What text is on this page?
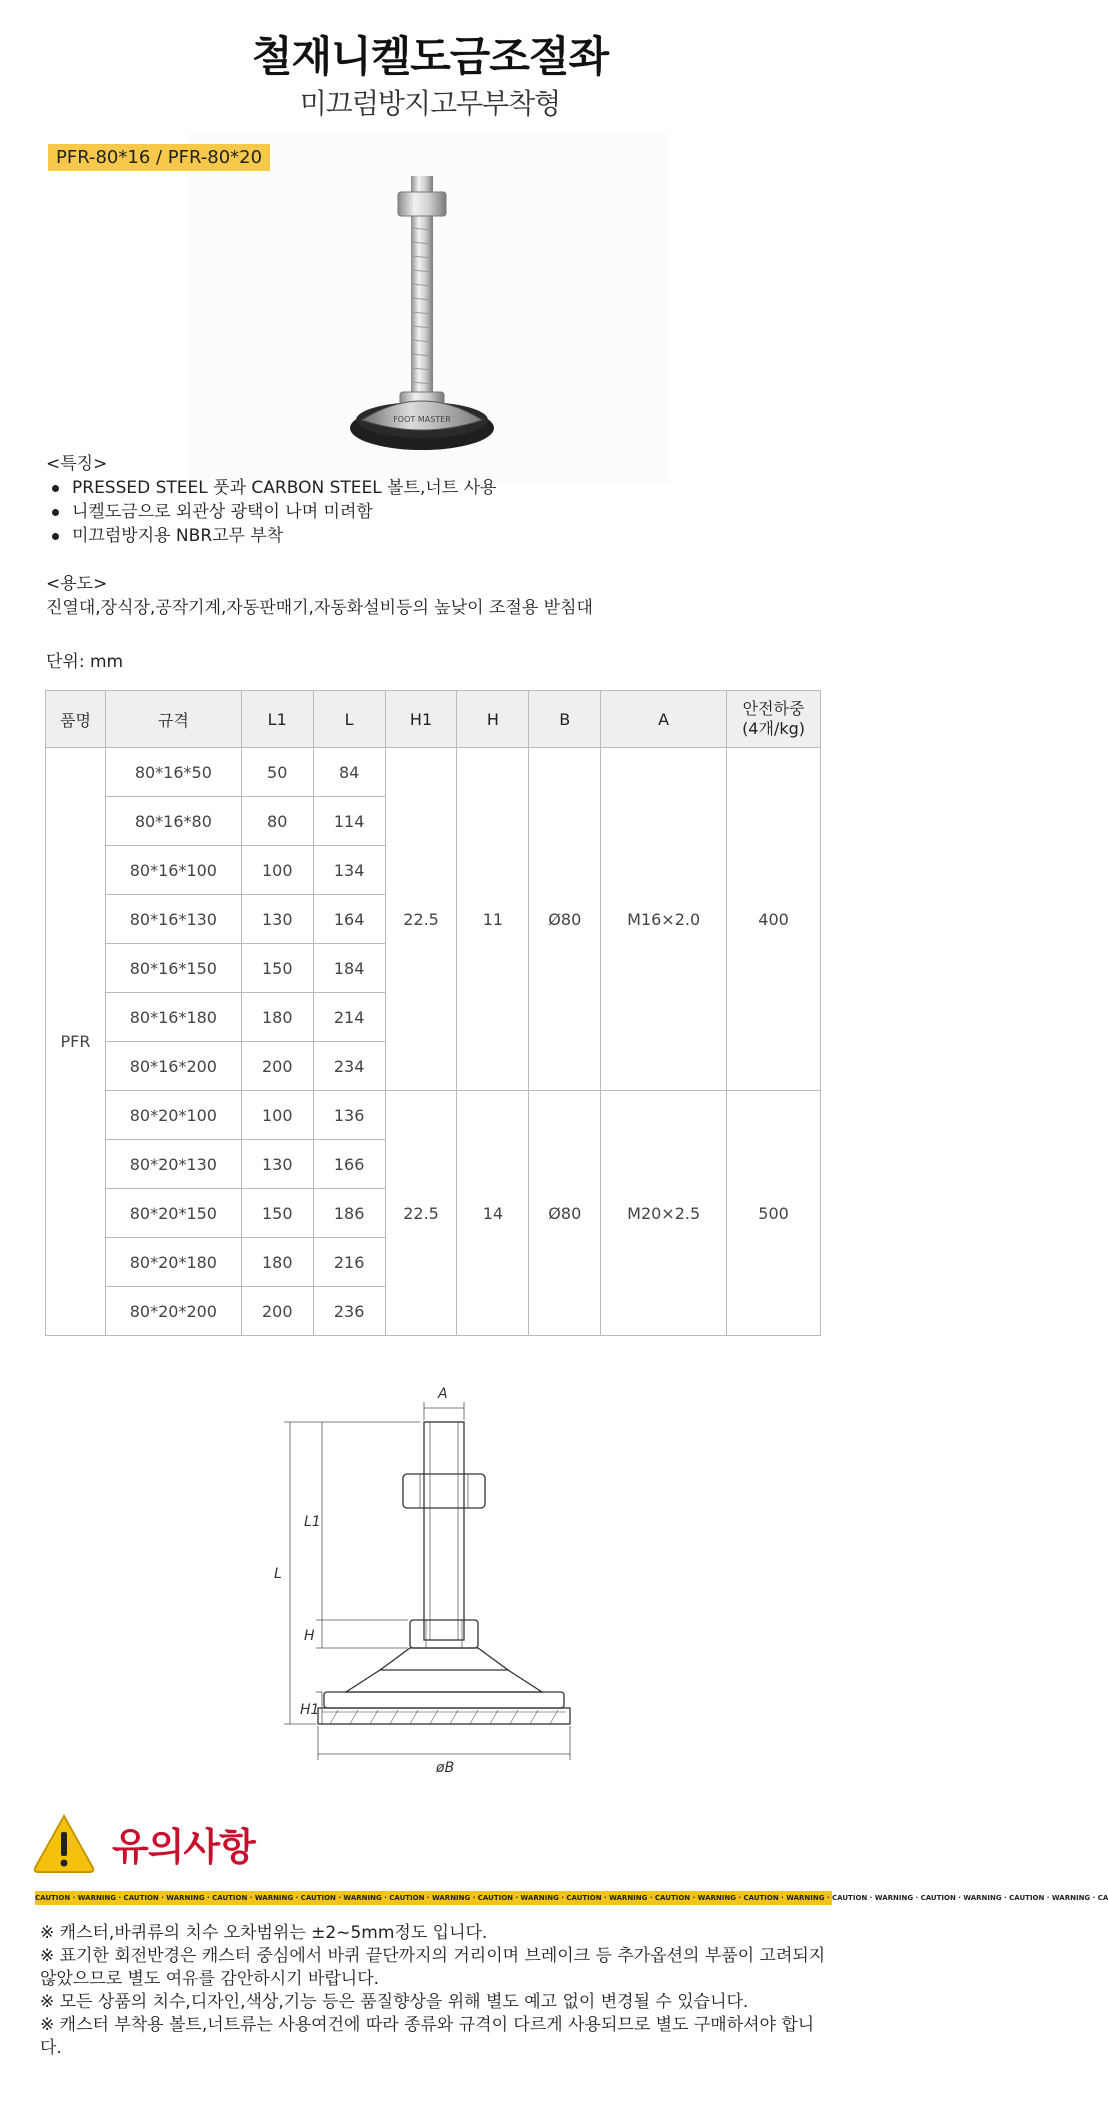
철재니켈도금조절좌
미끄럼방지고무부착형
FOOT MASTER
PFR-80*16 / PFR-80*20
<특징>
PRESSED STEEL 풋과 CARBON STEEL 볼트,너트 사용
니켈도금으로 외관상 광택이 나며 미려함
미끄럼방지용 NBR고무 부착
<용도>
진열대,장식장,공작기계,자동판매기,자동화설비등의 높낮이 조절용 받침대
단위: mm
품명	규격	L1	L	H1	H	B	A	안전하중
(4개/kg)
PFR	80*16*50	50	84	22.5	11	Ø80	M16×2.0	400
	80*16*80	80	114					
	80*16*100	100	134					
	80*16*130	130	164					
	80*16*150	150	184					
	80*16*180	180	214					
	80*16*200	200	234					
	80*20*100	100	136	22.5	14	Ø80	M20×2.5	500
	80*20*130	130	166					
	80*20*150	150	186					
	80*20*180	180	216					
	80*20*200	200	236					
A
L
L1
H
H1
øB
유의사항
CAUTION · WARNING · CAUTION · WARNING · CAUTION · WARNING · CAUTION · WARNING · CAUTION · WARNING · CAUTION · WARNING · CAUTION · WARNING · CAUTION · WARNING · CAUTION · WARNING · CAUTION · WARNING · CAUTION · WARNING · CAUTION · WARNING · CA

※ 캐스터,바퀴류의 치수 오차범위는 ±2~5mm정도 입니다.

※ 표기한 회전반경은 캐스터 중심에서 바퀴 끝단까지의 거리이며 브레이크 등 추가옵션의 부품이 고려되지 않았으므로 별도 여유를 감안하시기 바랍니다.

※ 모든 상품의 치수,디자인,색상,기능 등은 품질향상을 위해 별도 예고 없이 변경될 수 있습니다.

※ 캐스터 부착용 볼트,너트류는 사용여건에 따라 종류와 규격이 다르게 사용되므로 별도 구매하셔야 합니다.
